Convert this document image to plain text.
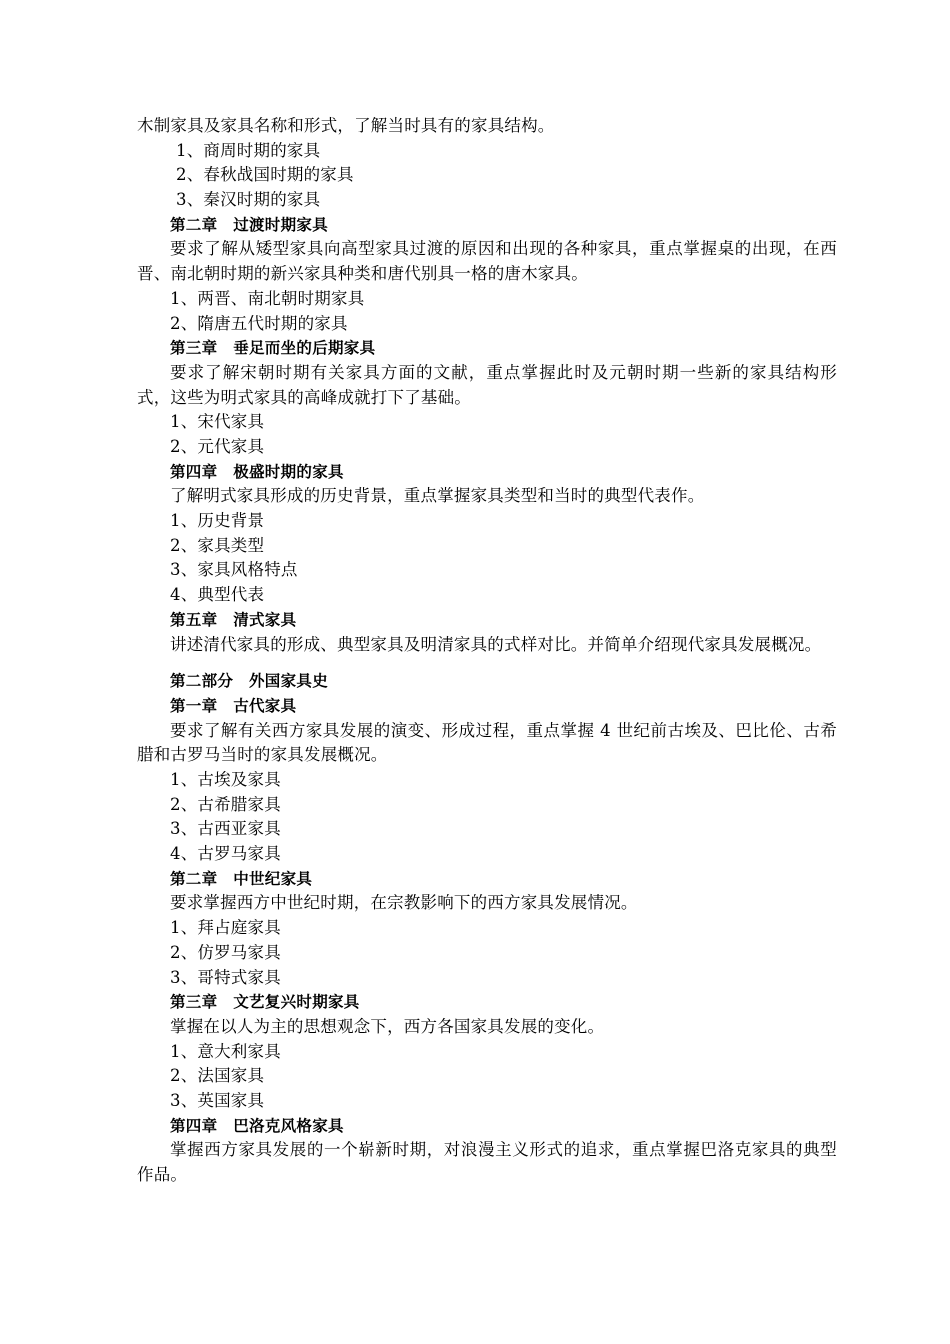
木制家具及家具名称和形式，了解当时具有的家具结构。
1、商周时期的家具
2、春秋战国时期的家具
3、秦汉时期的家具
第二章　过渡时期家具
要求了解从矮型家具向高型家具过渡的原因和出现的各种家具，重点掌握桌的出现，在西晋、南北朝时期的新兴家具种类和唐代别具一格的唐木家具。
1、两晋、南北朝时期家具
2、隋唐五代时期的家具
第三章　垂足而坐的后期家具
要求了解宋朝时期有关家具方面的文献，重点掌握此时及元朝时期一些新的家具结构形式，这些为明式家具的高峰成就打下了基础。
1、宋代家具
2、元代家具
第四章　极盛时期的家具
了解明式家具形成的历史背景，重点掌握家具类型和当时的典型代表作。
1、历史背景
2、家具类型
3、家具风格特点
4、典型代表
第五章　清式家具
讲述清代家具的形成、典型家具及明清家具的式样对比。并简单介绍现代家具发展概况。
第二部分　外国家具史
第一章　古代家具
要求了解有关西方家具发展的演变、形成过程，重点掌握 4 世纪前古埃及、巴比伦、古希腊和古罗马当时的家具发展概况。
1、古埃及家具
2、古希腊家具
3、古西亚家具
4、古罗马家具
第二章　中世纪家具
要求掌握西方中世纪时期，在宗教影响下的西方家具发展情况。
1、拜占庭家具
2、仿罗马家具
3、哥特式家具
第三章　文艺复兴时期家具
掌握在以人为主的思想观念下，西方各国家具发展的变化。
1、意大利家具
2、法国家具
3、英国家具
第四章　巴洛克风格家具
掌握西方家具发展的一个崭新时期，对浪漫主义形式的追求，重点掌握巴洛克家具的典型作品。
